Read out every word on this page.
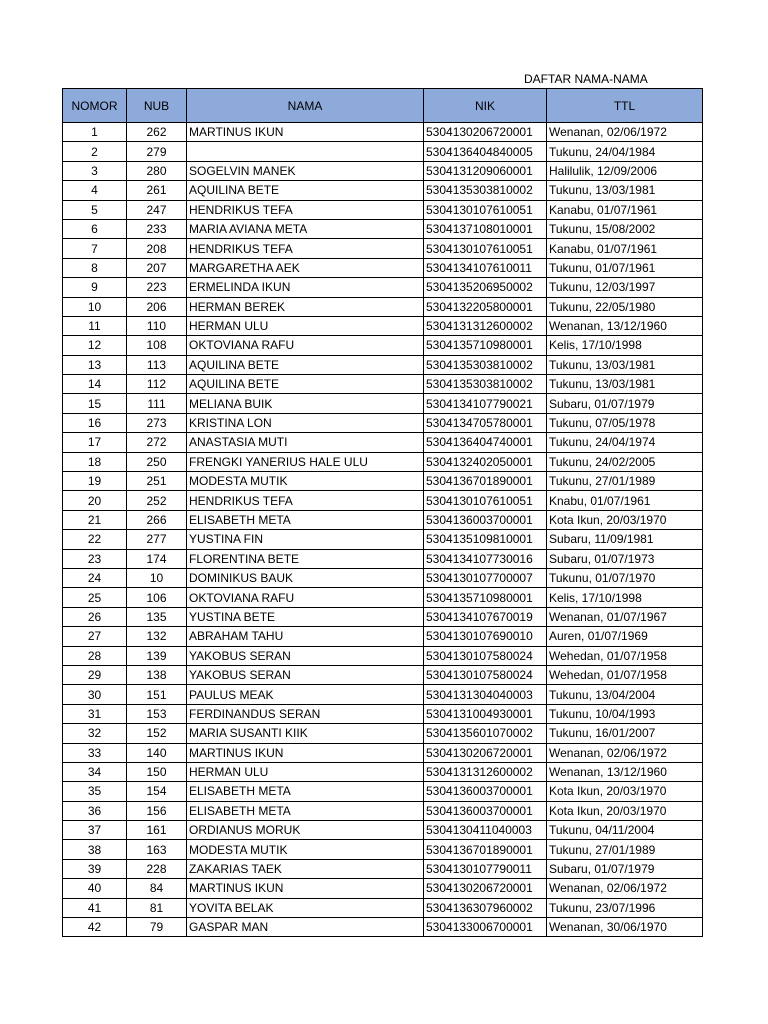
DAFTAR NAMA-NAMA
NOMOR	NUB	NAMA	NIK	TTL
1	262	MARTINUS IKUN	5304130206720001	Wenanan, 02/06/1972
2	279		5304136404840005	Tukunu, 24/04/1984
3	280	SOGELVIN MANEK	5304131209060001	Halilulik, 12/09/2006
4	261	AQUILINA BETE	5304135303810002	Tukunu, 13/03/1981
5	247	HENDRIKUS TEFA	5304130107610051	Kanabu, 01/07/1961
6	233	MARIA AVIANA META	5304137108010001	Tukunu, 15/08/2002
7	208	HENDRIKUS TEFA	5304130107610051	Kanabu, 01/07/1961
8	207	MARGARETHA AEK	5304134107610011	Tukunu, 01/07/1961
9	223	ERMELINDA IKUN	5304135206950002	Tukunu, 12/03/1997
10	206	HERMAN BEREK	5304132205800001	Tukunu, 22/05/1980
11	110	HERMAN ULU	5304131312600002	Wenanan, 13/12/1960
12	108	OKTOVIANA RAFU	5304135710980001	Kelis, 17/10/1998
13	113	AQUILINA BETE	5304135303810002	Tukunu, 13/03/1981
14	112	AQUILINA BETE	5304135303810002	Tukunu, 13/03/1981
15	111	MELIANA BUIK	5304134107790021	Subaru, 01/07/1979
16	273	KRISTINA LON	5304134705780001	Tukunu, 07/05/1978
17	272	ANASTASIA MUTI	5304136404740001	Tukunu, 24/04/1974
18	250	FRENGKI YANERIUS HALE ULU	5304132402050001	Tukunu, 24/02/2005
19	251	MODESTA MUTIK	5304136701890001	Tukunu, 27/01/1989
20	252	HENDRIKUS TEFA	5304130107610051	Knabu, 01/07/1961
21	266	ELISABETH META	5304136003700001	Kota Ikun, 20/03/1970
22	277	YUSTINA FIN	5304135109810001	Subaru, 11/09/1981
23	174	FLORENTINA BETE	5304134107730016	Subaru, 01/07/1973
24	10	DOMINIKUS BAUK	5304130107700007	Tukunu, 01/07/1970
25	106	OKTOVIANA RAFU	5304135710980001	Kelis, 17/10/1998
26	135	YUSTINA BETE	5304134107670019	Wenanan, 01/07/1967
27	132	ABRAHAM TAHU	5304130107690010	Auren, 01/07/1969
28	139	YAKOBUS SERAN	5304130107580024	Wehedan, 01/07/1958
29	138	YAKOBUS SERAN	5304130107580024	Wehedan, 01/07/1958
30	151	PAULUS MEAK	5304131304040003	Tukunu, 13/04/2004
31	153	FERDINANDUS SERAN	5304131004930001	Tukunu, 10/04/1993
32	152	MARIA SUSANTI KIIK	5304135601070002	Tukunu, 16/01/2007
33	140	MARTINUS IKUN	5304130206720001	Wenanan, 02/06/1972
34	150	HERMAN ULU	5304131312600002	Wenanan, 13/12/1960
35	154	ELISABETH META	5304136003700001	Kota Ikun, 20/03/1970
36	156	ELISABETH META	5304136003700001	Kota Ikun, 20/03/1970
37	161	ORDIANUS MORUK	5304130411040003	Tukunu, 04/11/2004
38	163	MODESTA MUTIK	5304136701890001	Tukunu, 27/01/1989
39	228	ZAKARIAS TAEK	5304130107790011	Subaru, 01/07/1979
40	84	MARTINUS IKUN	5304130206720001	Wenanan, 02/06/1972
41	81	YOVITA BELAK	5304136307960002	Tukunu, 23/07/1996
42	79	GASPAR MAN	5304133006700001	Wenanan, 30/06/1970
